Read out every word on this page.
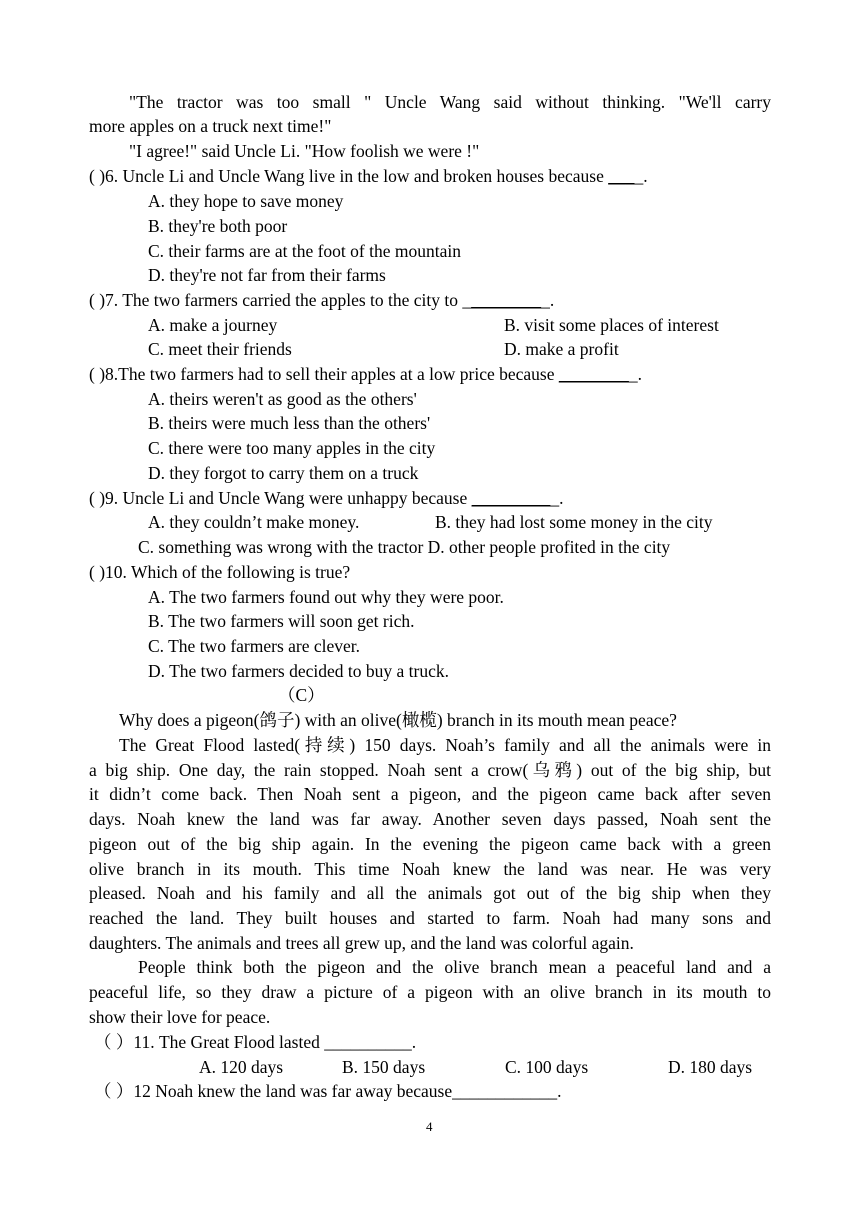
"The tractor was too small " Uncle Wang said without thinking. "We'll carry
more apples on a truck next time!"
"I agree!" said Uncle Li. "How foolish we were !"
( )6. Uncle Li and Uncle Wang live in the low and broken houses because ____.
A. they hope to save money
B. they're both poor
C. their farms are at the foot of the mountain
D. they're not far from their farms
( )7. The two farmers carried the apples to the city to __________.
A. make a journey	B. visit some places of interest
C. meet their friends	D. make a profit
( )8.The two farmers had to sell their apples at a low price because _________.
A. theirs weren't as good as the others'
B. theirs were much less than the others'
C. there were too many apples in the city
D. they forgot to carry them on a truck
( )9. Uncle Li and Uncle Wang were unhappy because __________.
A. they couldn’t make money.	B. they had lost some money in the city
C. something was wrong with the tractor D. other people profited in the city
( )10. Which of the following is true?
A. The two farmers found out why they were poor.
B. The two farmers will soon get rich.
C. The two farmers are clever.
D. The two farmers decided to buy a truck.
（C）
Why does a pigeon(鸽子) with an olive(橄榄) branch in its mouth mean peace?
The Great Flood lasted(持续) 150 days. Noah’s family and all the animals were in
a big ship. One day, the rain stopped. Noah sent a crow(乌鸦) out of the big ship, but
it didn’t come back. Then Noah sent a pigeon, and the pigeon came back after seven
days. Noah knew the land was far away. Another seven days passed, Noah sent the
pigeon out of the big ship again. In the evening the pigeon came back with a green
olive branch in its mouth. This time Noah knew the land was near. He was very
pleased. Noah and his family and all the animals got out of the big ship when they
reached the land. They built houses and started to farm. Noah had many sons and
daughters. The animals and trees all grew up, and the land was colorful again.
People think both the pigeon and the olive branch mean a peaceful land and a
peaceful life, so they draw a picture of a pigeon with an olive branch in its mouth to
show their love for peace.
（ ）11. The Great Flood lasted __________.
A. 120 days	B. 150 days	C. 100 days	D. 180 days
（ ）12 Noah knew the land was far away because____________.
4
